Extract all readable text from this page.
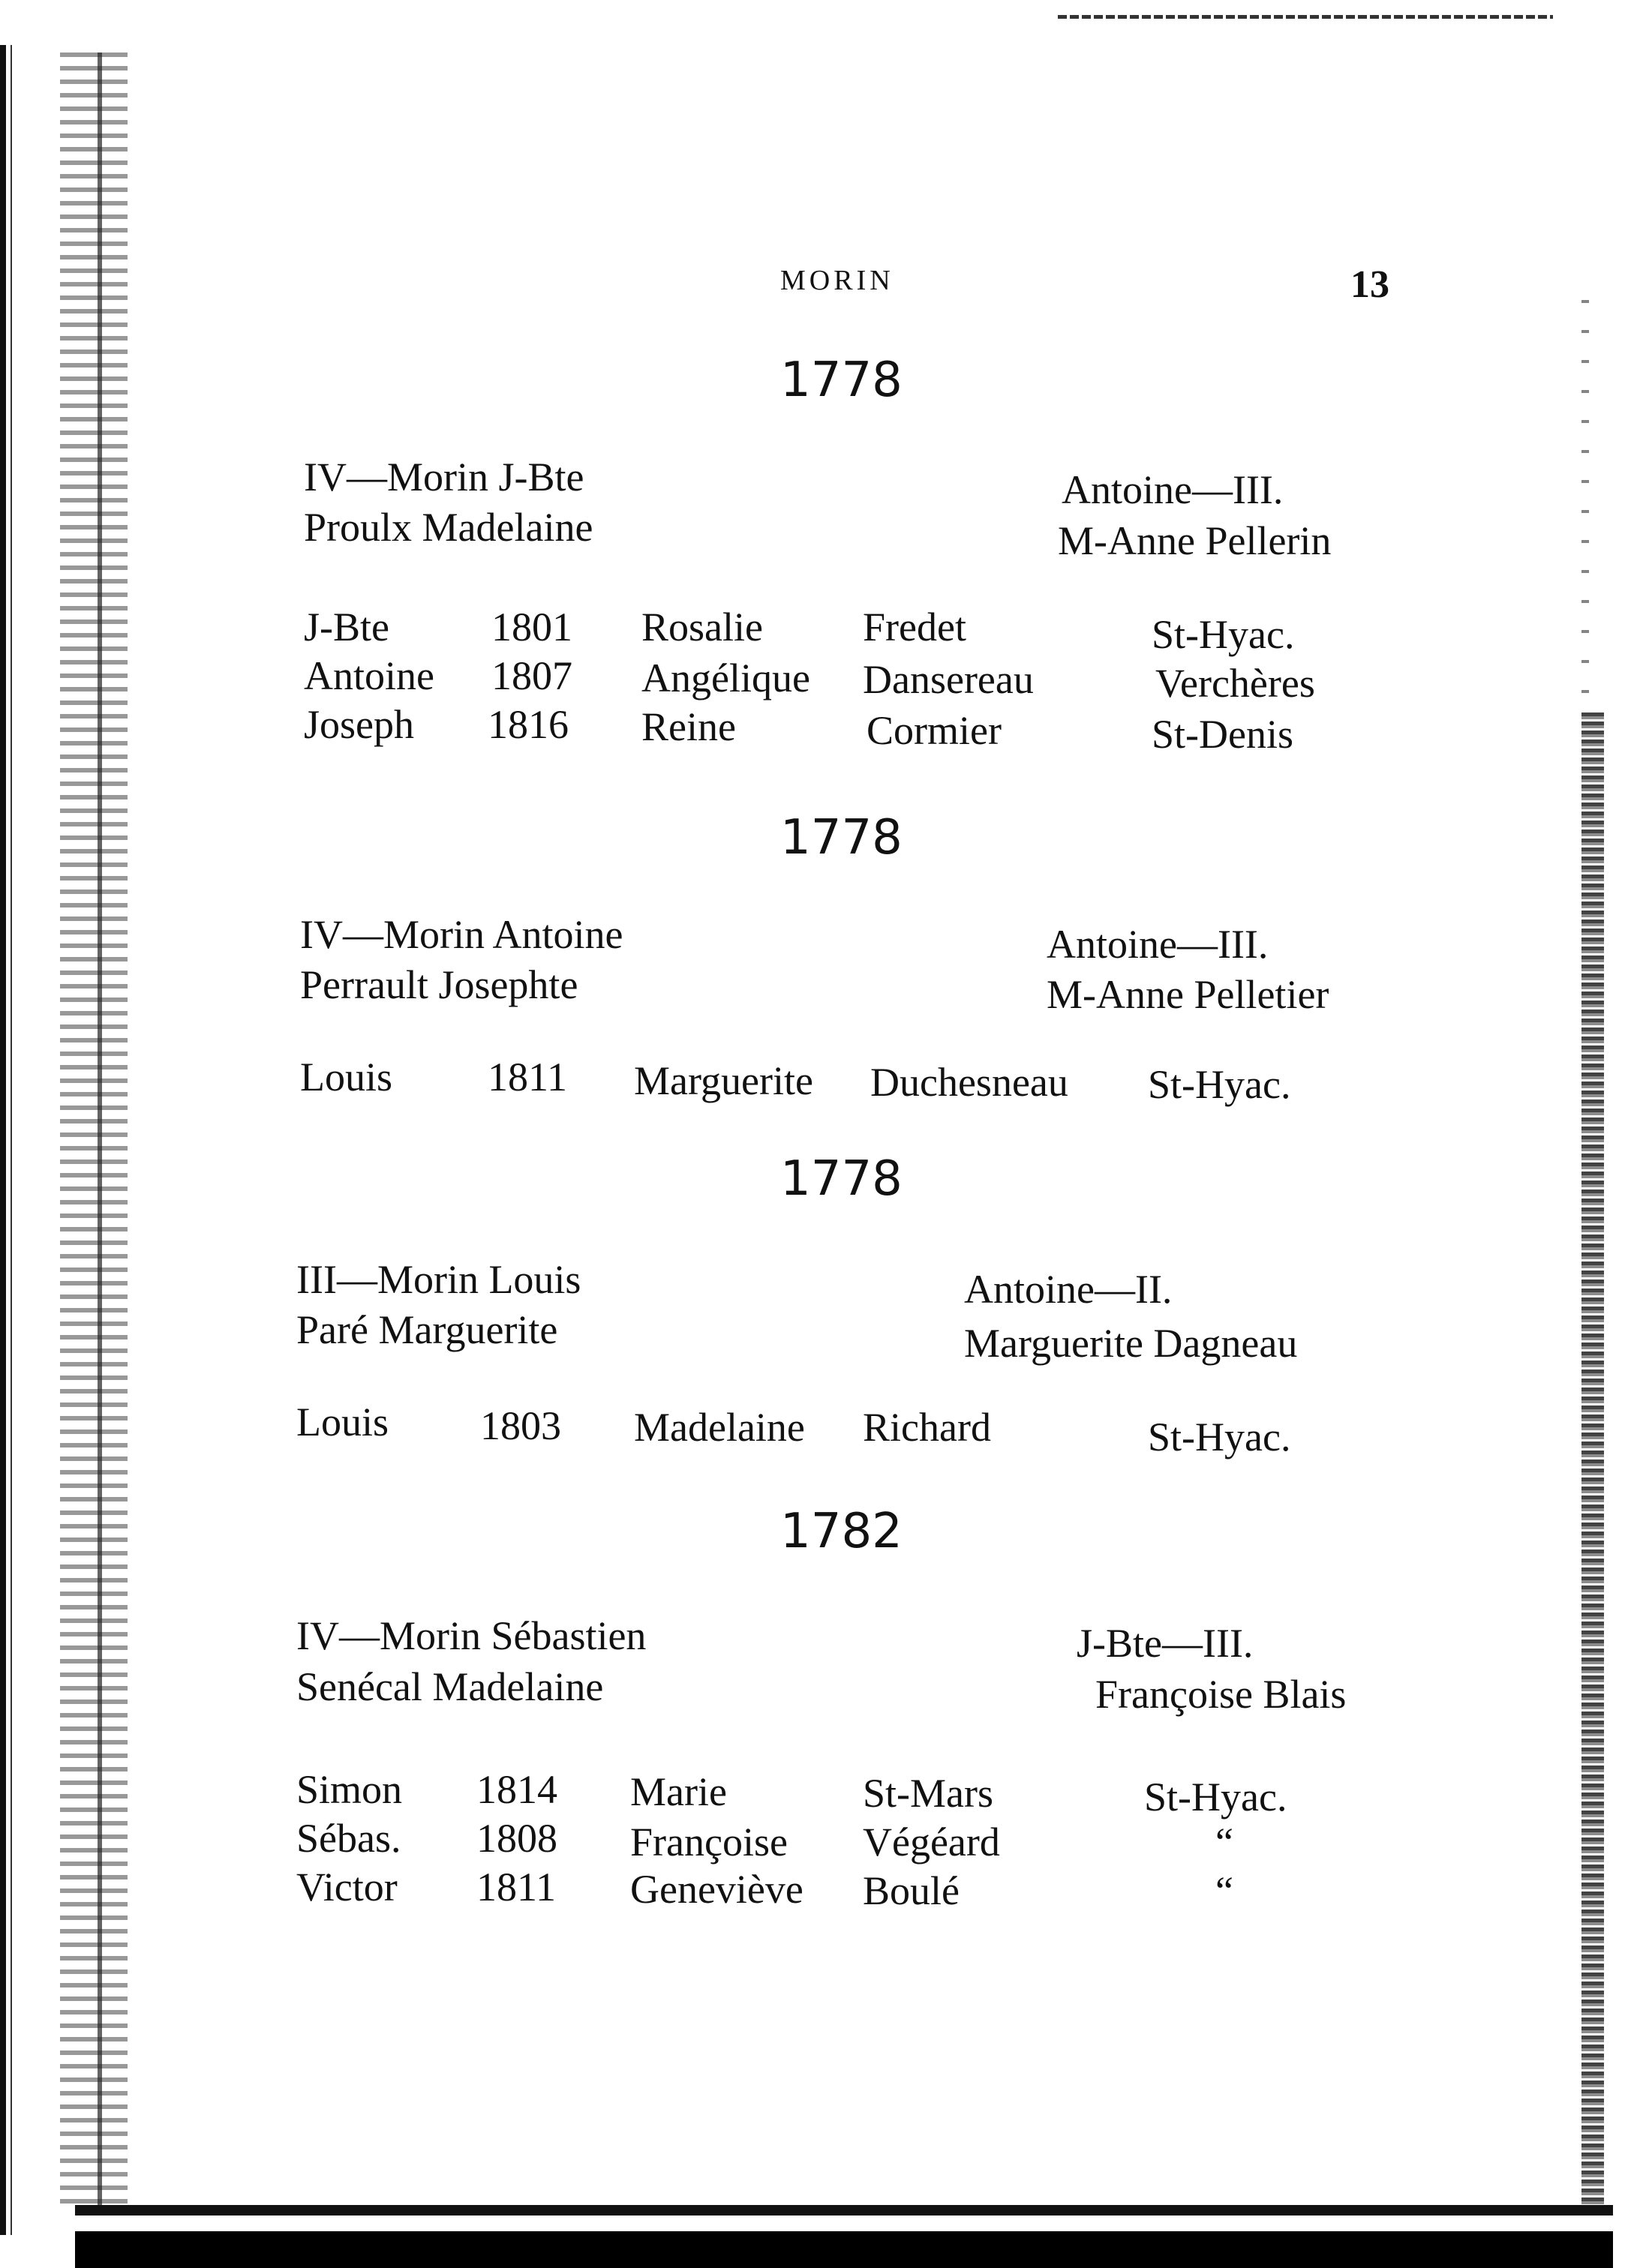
MORIN	13
1778
IV—Morin J-Bte
Proulx Madelaine
Antoine—III.
M-Anne Pellerin
J-Bte	1801 Rosalie Fredet	St-Hyac.
Antoine 1807 Angélique Dansereau	Verchères
Joseph 1816 Reine	Cormier	St-Denis
1778
IV—Morin Antoine
Perrault Josephte
Antoine—III.
M-Anne Pelletier
Louis 1811 Marguerite Duchesneau St-Hyac.
1778
III—Morin Louis
Paré Marguerite
Antoine—II.
Marguerite Dagneau
Louis 1803 Madelaine Richard	St-Hyac.
1782
IV—Morin Sébastien
Senécal Madelaine
J-Bte—III.
Françoise Blais
Simon 1814 Marie	St-Mars	St-Hyac.
Sébas. 1808 Françoise Végéard	“
Victor 1811 Geneviève Boulé	“
